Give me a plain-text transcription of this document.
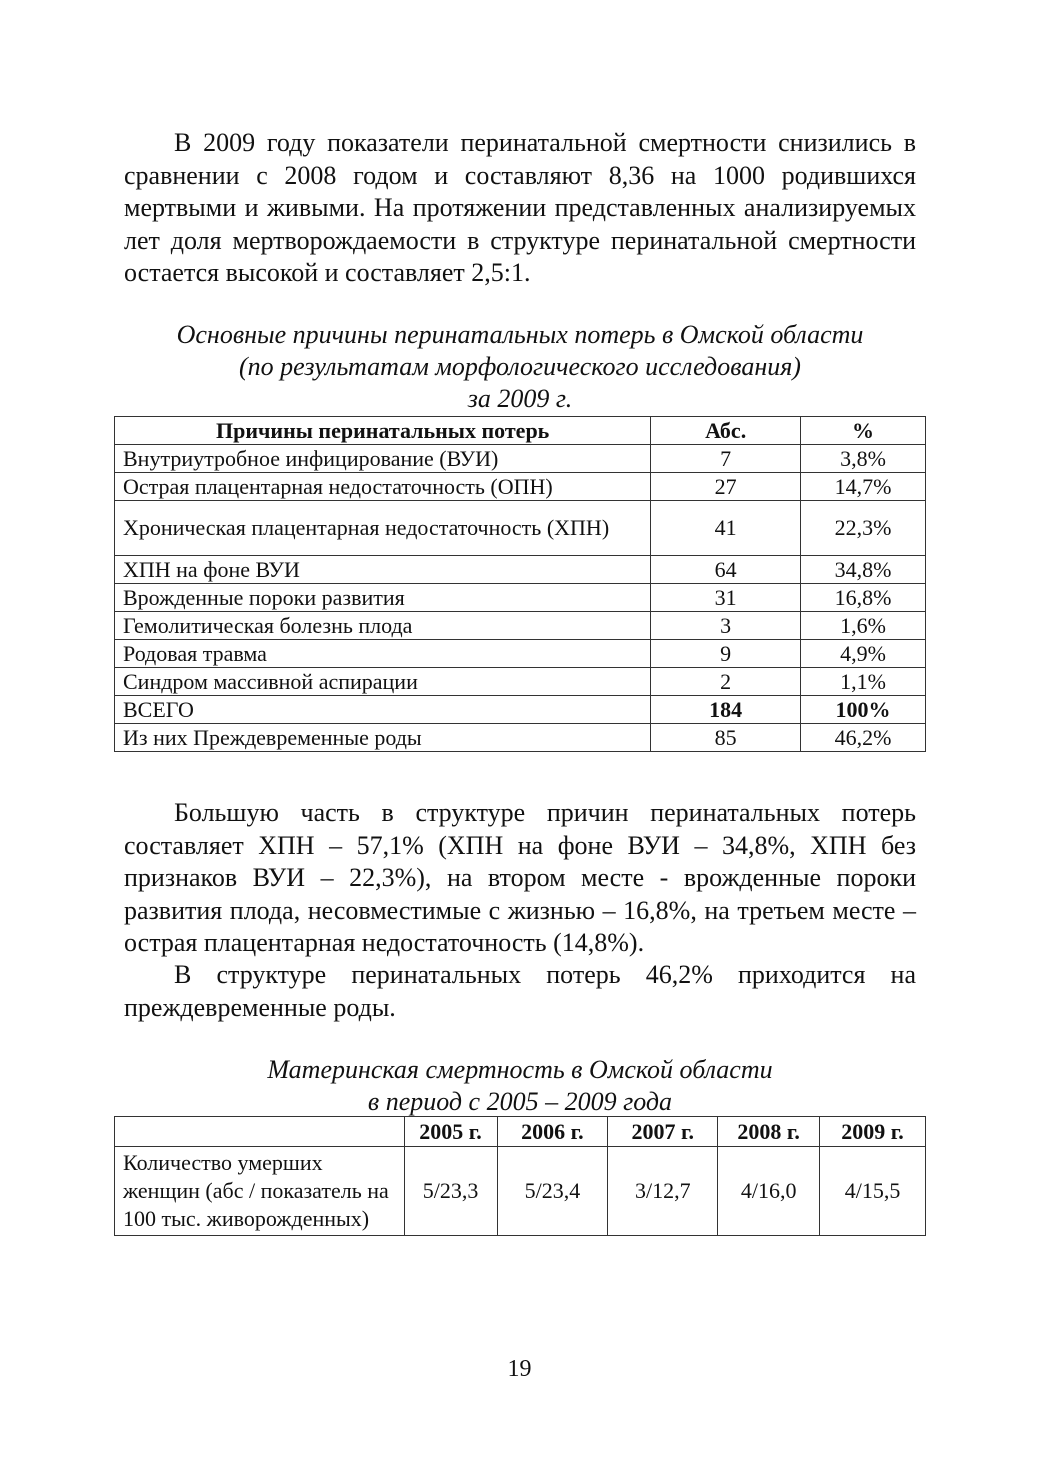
В 2009 году показатели перинатальной смертности снизились в сравнении с 2008 годом и составляют 8,36 на 1000 родившихся мертвыми и живыми. На протяжении представленных анализируемых лет доля мертворождаемости в структуре перинатальной смертности остается высокой и составляет 2,5:1.

Основные причины перинатальных потерь в Омской области
(по результатам морфологического исследования)
за 2009 г.
Причины перинатальных потерь	Абс.	%
Внутриутробное инфицирование (ВУИ)	7	3,8%
Острая плацентарная недостаточность (ОПН)	27	14,7%
Хроническая плацентарная недостаточность (ХПН)	41	22,3%
ХПН на фоне ВУИ	64	34,8%
Врожденные пороки развития	31	16,8%
Гемолитическая болезнь плода	3	1,6%
Родовая травма	9	4,9%
Синдром массивной аспирации	2	1,1%
ВСЕГО	184	100%
Из них Преждевременные роды	85	46,2%

Большую часть в структуре причин перинатальных потерь составляет ХПН – 57,1% (ХПН на фоне ВУИ – 34,8%, ХПН без признаков ВУИ – 22,3%), на втором месте - врожденные пороки развития плода, несовместимые с жизнью – 16,8%, на третьем месте – острая плацентарная недостаточность (14,8%).

В структуре перинатальных потерь 46,2% приходится на преждевременные роды.

Материнская смертность в Омской области
в период с 2005 – 2009 года
	2005 г.	2006 г.	2007 г.	2008 г.	2009 г.
Количество умерших женщин (абс / показатель на 100 тыс. живорожденных)	5/23,3	5/23,4	3/12,7	4/16,0	4/15,5
19
